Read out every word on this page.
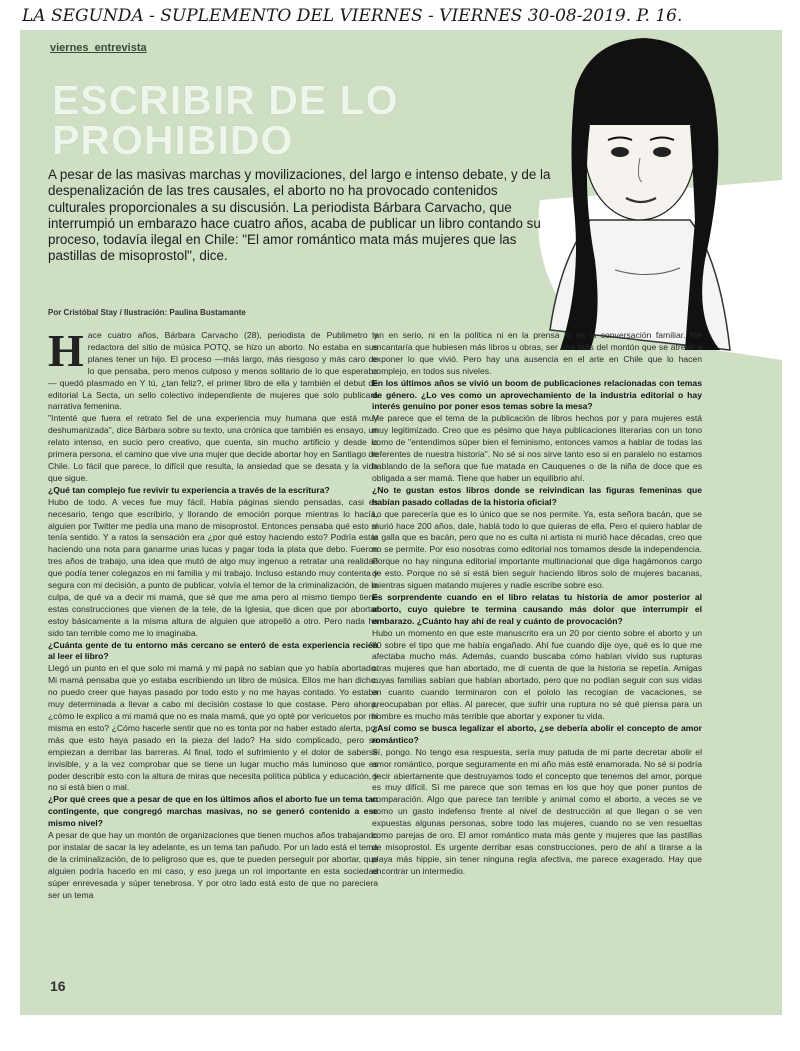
LA SEGUNDA - SUPLEMENTO DEL VIERNES - VIERNES 30-08-2019. P. 16.
viernes_entrevista
ESCRIBIR DE LO PROHIBIDO
A pesar de las masivas marchas y movilizaciones, del largo e intenso debate, y de la despenalización de las tres causales, el aborto no ha provocado contenidos culturales proporcionales a su discusión. La periodista Bárbara Carvacho, que interrumpió un embarazo hace cuatro años, acaba de publicar un libro contando su proceso, todavía ilegal en Chile: "El amor romántico mata más mujeres que las pastillas de misoprostol", dice.
Por Cristóbal Stay / Ilustración: Paulina Bustamante
H ace cuatro años, Bárbara Carvacho (28), periodista de Publimetro y redactora del sitio de música POTQ, se hizo un aborto. No estaba en sus planes tener un hijo. El proceso —más largo, más riesgoso y más caro de lo que pensaba, pero menos culposo y menos solitario de lo que esperaba— quedó plasmado en Y tú, ¿tan feliz?, el primer libro de ella y también el debut de editorial La Secta, un sello colectivo independiente de mujeres que solo publicará narrativa femenina.

"Intenté que fuera el retrato fiel de una experiencia muy humana que está muy deshumanizada", dice Bárbara sobre su texto, una crónica que también es ensayo, un relato intenso, en sucio pero creativo, que cuenta, sin mucho artificio y desde la primera persona, el camino que vive una mujer que decide abortar hoy en Santiago de Chile. Lo fácil que parece, lo difícil que resulta, la ansiedad que se desata y la vida que sigue.

¿Qué tan complejo fue revivir tu experiencia a través de la escritura?

Hubo de todo. A veces fue muy fácil. Había páginas siendo pensadas, casi es necesario, tengo que escribirlo, y llorando de emoción porque mientras lo hacía, alguien por Twitter me pedía una mano de misoprostol. Entonces pensaba qué esto sí tenía sentido. Y a ratos la sensación era ¿por qué estoy haciendo esto? Podría estar haciendo una nota para ganarme unas lucas y pagar toda la plata que debo. Fueron tres años de trabajo, una idea que mutó de algo muy ingenuo a retratar una realidad que podía tener colegazos en mi familia y mi trabajo. Incluso estando muy contenta y segura con mi decisión, a punto de publicar, volvía el temor de la criminalización, de la culpa, de qué va a decir mi mamá, que sé que me ama pero al mismo tiempo tiene estas construcciones que vienen de la tele, de la Iglesia, que dicen que por abortar estoy básicamente a la misma altura de alguien que atropelló a otro. Pero nada ha sido tan terrible como me lo imaginaba.

¿Cuánta gente de tu entorno más cercano se enteró de esta experiencia recién al leer el libro?

Llegó un punto en el que solo mi mamá y mi papá no sabían que yo había abortado. Mi mamá pensaba que yo estaba escribiendo un libro de música. Ellos me han dicho: no puedo creer que hayas pasado por todo esto y no me hayas contado. Yo estaba muy determinada a llevar a cabo mi decisión costase lo que costase. Pero ahora, ¿cómo le explico a mi mamá que no es mala mamá, que yo opté por vericuetos por mí misma en esto? ¿Cómo hacerle sentir que no es tonta por no haber estado alerta, por más que esto haya pasado en la pieza del lado? Ha sido complicado, pero se empiezan a derribar las barreras. Al final, todo el sufrimiento y el dolor de saberse invisible, y a la vez comprobar que se tiene un lugar mucho más luminoso que es poder describir esto con la altura de miras que necesita política pública y educación, y no si está bien o mal.

¿Por qué crees que a pesar de que en los últimos años el aborto fue un tema tan contingente, que congregó marchas masivas, no se generó contenido a ese mismo nivel?

A pesar de que hay un montón de organizaciones que tienen muchos años trabajando por instalar de sacar la ley adelante, es un tema tan pañudo. Por un lado está el tema de la criminalización, de lo peligroso que es, que te pueden perseguir por abortar, que alguien podría hacerlo en mi caso, y eso juega un rol importante en esta sociedad súper enrevesada y súper tenebrosa. Y por otro lado está esto de que no pareciera ser un tema

tan en serio, ni en la política ni en la prensa ni en la conversación familiar. Me encantaría que hubiesen más libros u obras, ser una más del montón que se atreve a exponer lo que vivió. Pero hay una ausencia en el arte en Chile que lo hacen complejo, en todos sus niveles.

En los últimos años se vivió un boom de publicaciones relacionadas con temas de género. ¿Lo ves como un aprovechamiento de la industria editorial o hay interés genuino por poner esos temas sobre la mesa?

Me parece que el tema de la publicación de libros hechos por y para mujeres está muy legitimizado. Creo que es pésimo que haya publicaciones literarias con un tono como de "entendimos súper bien el feminismo, entonces vamos a hablar de todas las referentes de nuestra historia". No sé si nos sirve tanto eso si en paralelo no estamos hablando de la señora que fue matada en Cauquenes o de la niña de doce que es obligada a ser mamá. Tiene que haber un equilibrio ahí.

¿No te gustan estos libros donde se reivindican las figuras femeninas que habían pasado colladas de la historia oficial?

Lo que parecería que es lo único que se nos permite. Ya, esta señora bacán, que se murió hace 200 años, dale, hablá todo lo que quieras de ella. Pero el quiero hablar de la galla que es bacán, pero que no es culta ni artista ni murió hace décadas, creo que no se permite. Por eso nosotras como editorial nos tomamos desde la independencia. Porque no hay ninguna editorial importante multinacional que diga hagámonos cargo de esto. Porque no sé si está bien seguir haciendo libros solo de mujeres bacanas, mientras siguen matando mujeres y nadie escribe sobre eso.

Es sorprendente cuando en el libro relatas tu historia de amor posterior al aborto, cuyo quiebre te termina causando más dolor que interrumpir el embarazo. ¿Cuánto hay ahí de real y cuánto de provocación?

Hubo un momento en que este manuscrito era un 20 por ciento sobre el aborto y un 80 sobre el tipo que me había engañado. Ahí fue cuando dije oye, qué es lo que me afectaba mucho más. Además, cuando buscaba cómo habían vivido sus rupturas otras mujeres que han abortado, me di cuenta de que la historia se repetía. Amigas cuyas familias sabían que habían abortado, pero que no podían seguir con sus vidas en cuanto cuando terminaron con el pololo las recogían de vacaciones, se preocupaban por ellas. Al parecer, que sufrir una ruptura no sé qué piensa para un hombre es mucho más terrible que abortar y exponer tu vida.

¿Así como se busca legalizar el aborto, ¿se debería abolir el concepto de amor romántico?

Sí, pongo. No tengo esa respuesta, sería muy patuda de mi parte decretar abolir el amor romántico, porque seguramente en mi año más esté enamorada. No sé si podría decir abiertamente que destruyamos todo el concepto que tenemos del amor, porque es muy difícil. Sí me parece que son temas en los que hoy que poner puntos de comparación. Algo que parece tan terrible y animal como el aborto, a veces se ve como un gasto indefenso frente al nivel de destrucción al que llegan o se ven expuestas algunas personas, sobre todo las mujeres, cuando no se ven resueltas como parejas de oro. El amor romántico mata más gente y mujeres que las pastillas de misoprostol. Es urgente derribar esas construcciones, pero de ahí a tirarse a la playa más hippie, sin tener ninguna regla afectiva, me parece exagerado. Hay que encontrar un intermedio.

16
